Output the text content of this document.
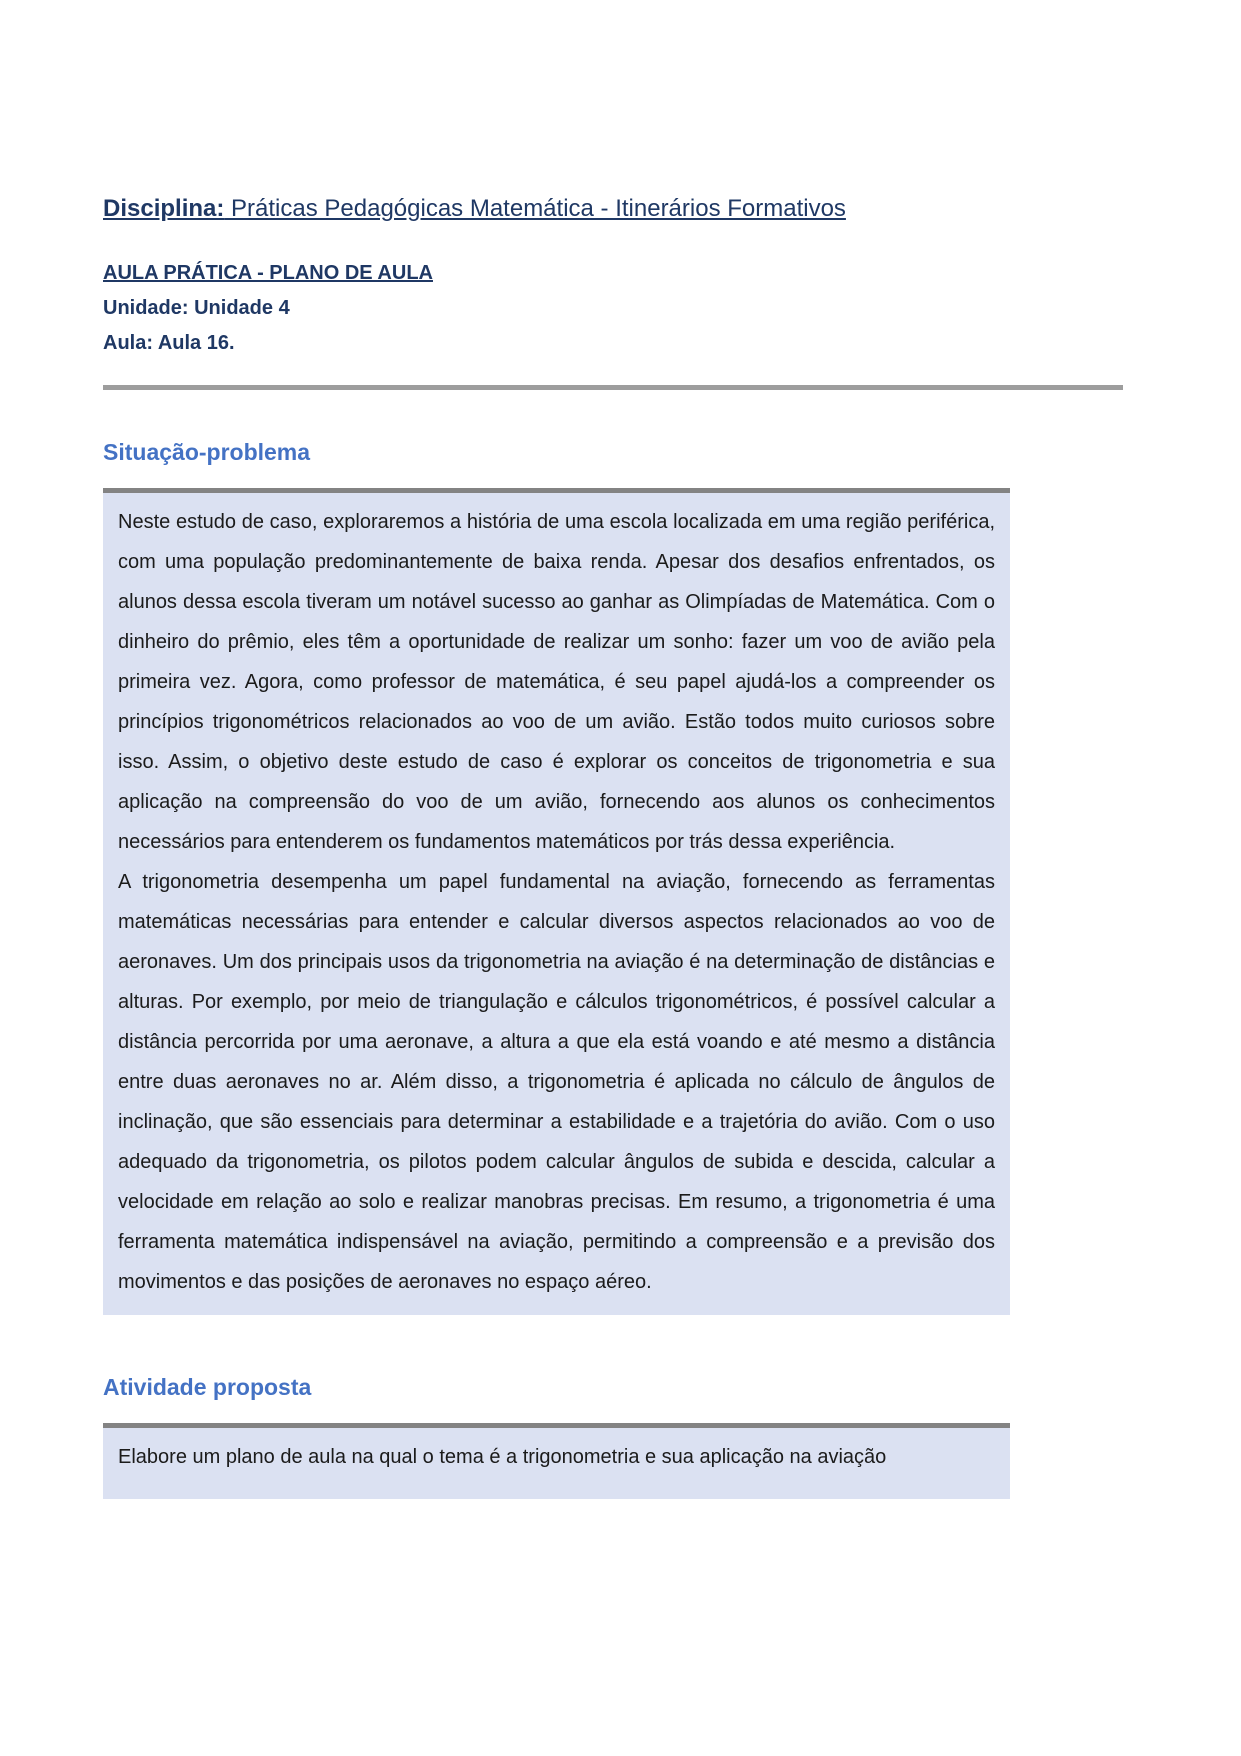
Disciplina: Práticas Pedagógicas Matemática - Itinerários Formativos
AULA PRÁTICA - PLANO DE AULA
Unidade: Unidade 4
Aula: Aula 16.
Situação-problema

Neste estudo de caso, exploraremos a história de uma escola localizada em uma região periférica, com uma população predominantemente de baixa renda. Apesar dos desafios enfrentados, os alunos dessa escola tiveram um notável sucesso ao ganhar as Olimpíadas de Matemática. Com o dinheiro do prêmio, eles têm a oportunidade de realizar um sonho: fazer um voo de avião pela primeira vez. Agora, como professor de matemática, é seu papel ajudá-los a compreender os princípios trigonométricos relacionados ao voo de um avião. Estão todos muito curiosos sobre isso. Assim, o objetivo deste estudo de caso é explorar os conceitos de trigonometria e sua aplicação na compreensão do voo de um avião, fornecendo aos alunos os conhecimentos necessários para entenderem os fundamentos matemáticos por trás dessa experiência.

A trigonometria desempenha um papel fundamental na aviação, fornecendo as ferramentas matemáticas necessárias para entender e calcular diversos aspectos relacionados ao voo de aeronaves. Um dos principais usos da trigonometria na aviação é na determinação de distâncias e alturas. Por exemplo, por meio de triangulação e cálculos trigonométricos, é possível calcular a distância percorrida por uma aeronave, a altura a que ela está voando e até mesmo a distância entre duas aeronaves no ar. Além disso, a trigonometria é aplicada no cálculo de ângulos de inclinação, que são essenciais para determinar a estabilidade e a trajetória do avião. Com o uso adequado da trigonometria, os pilotos podem calcular ângulos de subida e descida, calcular a velocidade em relação ao solo e realizar manobras precisas. Em resumo, a trigonometria é uma ferramenta matemática indispensável na aviação, permitindo a compreensão e a previsão dos movimentos e das posições de aeronaves no espaço aéreo.

Atividade proposta

Elabore um plano de aula na qual o tema é a trigonometria e sua aplicação na aviação
